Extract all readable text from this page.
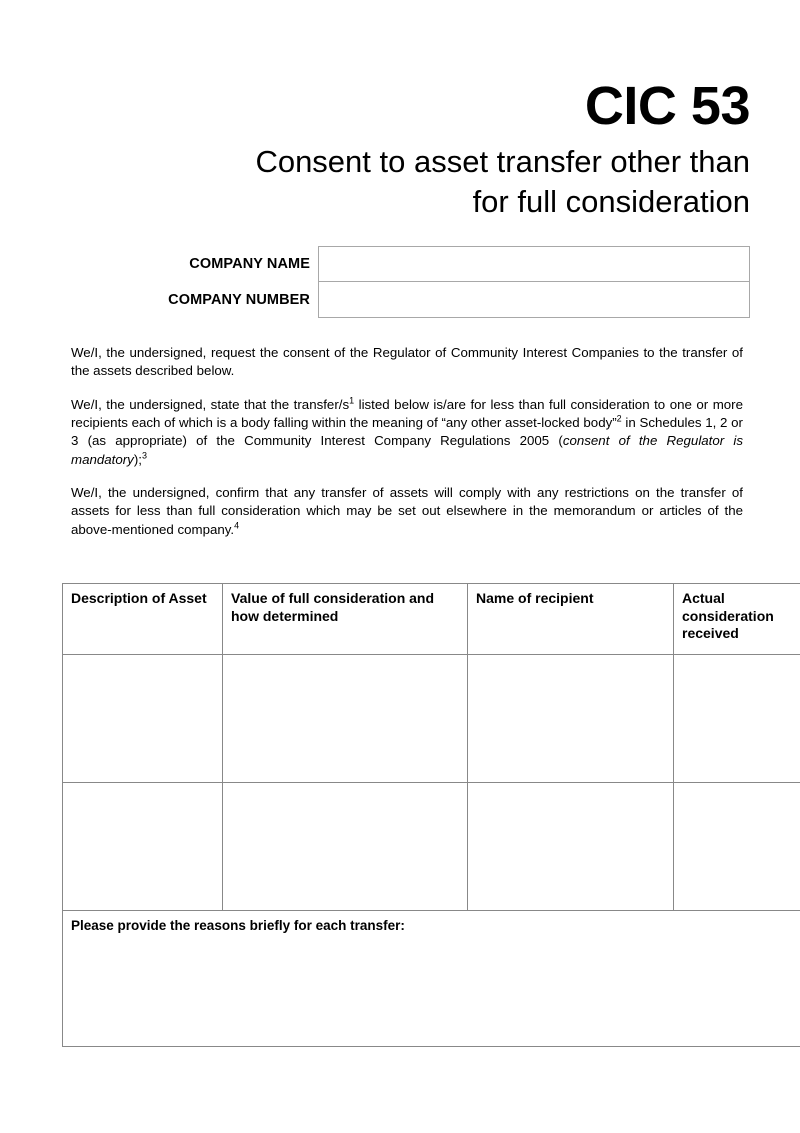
CIC 53
Consent to asset transfer other than
for full consideration
COMPANY NAME
COMPANY NUMBER

We/I, the undersigned, request the consent of the Regulator of Community Interest Companies to the transfer of the assets described below.

We/I, the undersigned, state that the transfer/$s^1$ listed below is/are for less than full consideration to one or more recipients each of which is a body falling within the meaning of “any other asset-locked body”$^2$ in Schedules 1, 2 or 3 (as appropriate) of the Community Interest Company Regulations 2005 (consent of the Regulator is mandatory);$^3$

We/I, the undersigned, confirm that any transfer of assets will comply with any restrictions on the transfer of assets for less than full consideration which may be set out elsewhere in the memorandum or articles of the above-mentioned company.$^4$

Description of Asset	Value of full consideration and how determined	Name of recipient	Actual consideration received

Please provide the reasons briefly for each transfer:			
